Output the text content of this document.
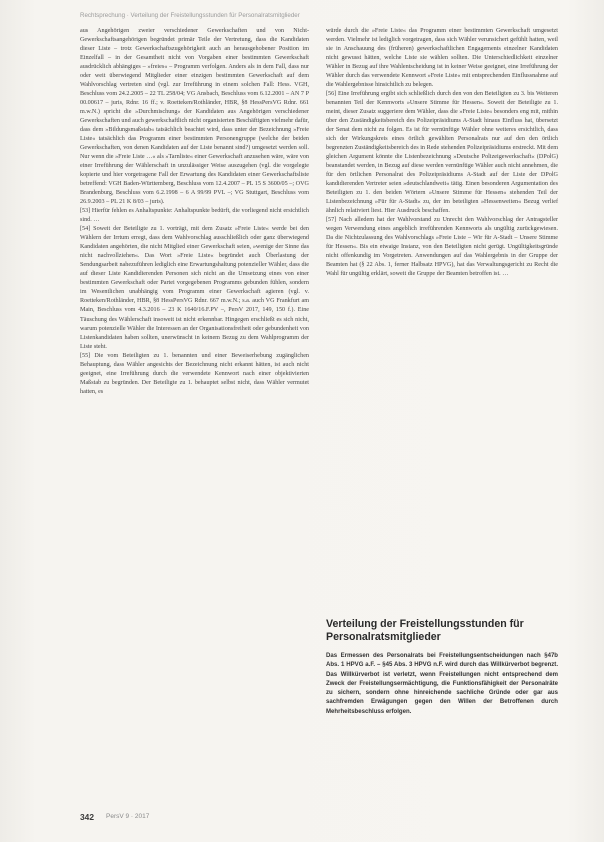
Rechtsprechung · Verteilung der Freistellungsstunden für Personalratsmitglieder

aus Angehörigen zweier verschiedener Gewerkschaften und von Nicht-Gewerkschaftsangehörigen begründet primär Teile der Vertretung, dass die Kandidaten dieser Liste – trotz Gewerkschaftszugehörigkeit auch an herausgehobener Position im Einzelfall – in der Gesamtheit nicht von Vorgaben einer bestimmten Gewerkschaft ausdrücklich abhängiges – »freies« – Programm verfolgen. Anders als in dem Fall, dass nur oder weit überwiegend Mitglieder einer einzigen bestimmten Gewerkschaft auf dem Wahlvorschlag vertreten sind (vgl. zur Irreführung in einem solchen Fall: Hess. VGH, Beschluss vom 24.2.2005 – 22 TL 258/04; VG Ansbach, Beschluss vom 6.12.2001 – AN 7 P 00.00617 – juris, Rdnr. 16 ff.; v. Roetteken/Rothländer, HBR, §8 HessPersVG Rdnr. 661 m.w.N.) spricht die »Durchmischung« der Kandidaten aus Angehörigen verschiedener Gewerkschaften und auch gewerkschaftlich nicht organisierten Beschäftigten vielmehr dafür, dass dem »Bildungsmaßstab« tatsächlich beachtet wird, dass unter der Bezeichnung »Freie Liste« tatsächlich das Programm einer bestimmten Personengruppe (welche der beiden Gewerkschaften, von denen Kandidaten auf der Liste benannt sind?) umgesetzt werden soll. Nur wenn die »Freie Liste …« als »Tarnliste« einer Gewerkschaft anzusehen wäre, wäre von einer Irreführung der Wählerschaft in unzulässiger Weise auszugehen (vgl. die vorgelegte kopierte und hier vorgetragene Fall der Erwartung des Kandidaten einer Gewerkschaftsliste betreffend: VGH Baden-Württemberg, Beschluss vom 12.4.2007 – PL 15 S 3600/05 –; OVG Brandenburg, Beschluss vom 6.2.1998 – 6 A 99/99 PVL –; VG Stuttgart, Beschluss vom 26.9.2003 – PL 21 K 8/03 – juris).

[53] Hierfür fehlen es Anhaltspunkte: Anhaltspunkte bedürft, die vorliegend nicht ersichtlich sind. …

[54] Soweit der Beteiligte zu 1. vorträgt, mit dem Zusatz »Freie Liste« werde bei den Wählern der Irrtum erregt, dass dem Wahlvorschlag ausschließlich oder ganz überwiegend Kandidaten angehörten, die nicht Mitglied einer Gewerkschaft seien, »wenige der Sinne das nicht nachvollziehen«. Das Wort »Freie Liste« begründet auch Überlastung der Sendungsarbeit nahezuführen lediglich eine Erwartungshaltung potenzieller Wähler, dass die auf dieser Liste Kandidierenden Personen sich nicht an die Umsetzung eines von einer bestimmten Gewerkschaft oder Partei vorgegebenen Programms gebunden fühlen, sondern im Wesentlichen unabhängig vom Programm einer Gewerkschaft agieren (vgl. v. Roetteken/Rothländer, HBR, §8 HessPersVG Rdnr. 667 m.w.N.; s.a. auch VG Frankfurt am Main, Beschluss vom 4.3.2016 – 23 K 1640/16.F.PV –, PersV 2017, 149, 150 f.). Eine Täuschung des Wählerschaft insoweit ist nicht erkennbar. Hingegen erschließt es sich nicht, warum potenzielle Wähler die Interessen an der Organisationsfreiheit oder gebundenheit von Listenkandidaten haben sollten, unerwünscht in keinem Bezug zu dem Wahlprogramm der Liste steht.

[55] Die vom Beteiligten zu 1. benannten und einer Beweiserhebung zugänglichen Behauptung, dass Wähler angesichts der Bezeichnung nicht erkannt hätten, ist auch nicht geeignet, eine Irreführung durch die verwendete Kennwort nach einer objektivierten Maßstab zu begründen. Der Beteiligte zu 1. behauptet selbst nicht, dass Wähler vermutet hatten, es

würde durch die »Freie Liste« das Programm einer bestimmten Gewerkschaft umgesetzt werden. Vielmehr ist lediglich vorgetragen, dass sich Wähler verunsichert gefühlt hatten, weil sie in Anschauung des (früheren) gewerkschaftlichen Engagements einzelner Kandidaten nicht gewusst hätten, welche Liste sie wählen sollten. Die Unterschiedlichkeit einzelner Wähler in Bezug auf ihre Wahlentscheidung ist in keiner Weise geeignet, eine Irreführung der Wähler durch das verwendete Kennwort »Freie Liste« mit entsprechenden Einflussnahme auf die Wahlergebnisse hinsichtlich zu belegen.

[56] Eine Irreführung ergibt sich schließlich durch den von den Beteiligten zu 3. bis Weiteren benannten Teil der Kennworts »Unsere Stimme für Hessen«. Soweit der Beteiligte zu 1. meint, dieser Zusatz suggeriere dem Wähler, dass die »Freie Liste« besonders eng mit, mithin über den Zuständigkeitsbereich des Polizeipräsidiums A-Stadt hinaus Einfluss hat, übersetzt der Senat dem nicht zu folgen. Es ist für vernünftige Wähler ohne weiteres ersichtlich, dass sich der Wirkungskreis eines örtlich gewählten Personalrats nur auf den den örtlich begrenzten Zuständigkeitsbereich des in Rede stehenden Polizeipräsidiums erstreckt. Mit dem gleichen Argument könnte die Listenbezeichnung »Deutsche Polizeigewerkschaft« (DPolG) beanstandet werden, in Bezug auf diese werden vernünftige Wähler auch nicht annehmen, die für den örtlichen Personalrat des Polizeipräsidiums A-Stadt auf der Liste der DPolG kandidierenden Vertreter seien »deutschlandweit« tätig. Einen besonderen Argumentation des Beteiligten zu 1. den beiden Wörtern »Unsere Stimme für Hessen« stehenden Teil der Listenbezeichnung »Für für A-Stadt« zu, der im beteiligten »Hessenweiten« Bezug verlief ähnlich relativiert liest. Hier Ausdruck beschaffen.

[57] Nach alledem hat der Wahlvorstand zu Unrecht den Wahlvorschlag der Antragsteller wegen Verwendung eines angeblich irreführenden Kennworts als ungültig zurückgewiesen. Da die Nichtzulassung des Wahlvorschlags »Freie Liste – Wir für A-Stadt – Unsere Stimme für Hessen«. Bis ein etwaige Instanz, von den Beteiligten nicht gerügt. Ungültigkeitsgründe nicht offenkundig im Vorgetreten. Anwendungen auf das Wahlergebnis in der Gruppe der Beamten hat (§ 22 Abs. 1, ferner Halbsatz HPVG), hat das Verwaltungsgericht zu Recht die Wahl für ungültig erklärt, soweit die Gruppe der Beamten betroffen ist. …

Verteilung der Freistellungsstunden für Personalratsmitglieder
Das Ermessen des Personalrats bei Freistellungsentscheidungen nach §47b Abs. 1 HPVG a.F. – §45 Abs. 3 HPVG n.F. wird durch das Willkürverbot begrenzt. Das Willkürverbot ist verletzt, wenn Freistellungen nicht entsprechend dem Zweck der Freistellungsermächtigung, die Funktionsfähigkeit der Personalräte zu sichern, sondern ohne hinreichende sachliche Gründe oder gar aus sachfremden Erwägungen gegen den Willen der Betroffenen durch Mehrheitsbeschluss erfolgen.
342 PersV 9 · 2017
